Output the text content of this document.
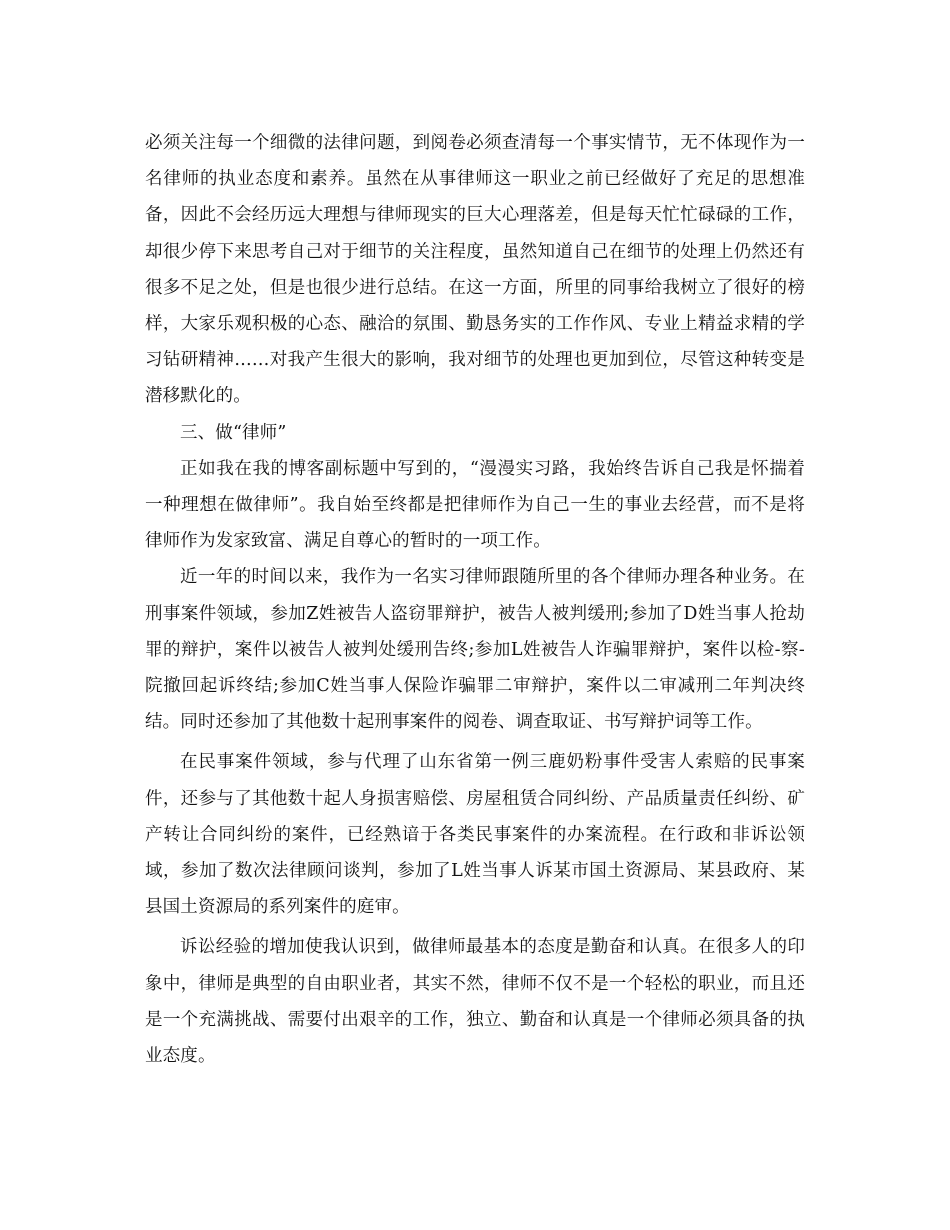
必须关注每一个细微的法律问题，到阅卷必须查清每一个事实情节，无不体现作为一名律师的执业态度和素养。虽然在从事律师这一职业之前已经做好了充足的思想准备，因此不会经历远大理想与律师现实的巨大心理落差，但是每天忙忙碌碌的工作，却很少停下来思考自己对于细节的关注程度，虽然知道自己在细节的处理上仍然还有很多不足之处，但是也很少进行总结。在这一方面，所里的同事给我树立了很好的榜样，大家乐观积极的心态、融洽的氛围、勤恳务实的工作作风、专业上精益求精的学习钻研精神……对我产生很大的影响，我对细节的处理也更加到位，尽管这种转变是潜移默化的。

三、做“律师”

正如我在我的博客副标题中写到的，“漫漫实习路，我始终告诉自己我是怀揣着一种理想在做律师”。我自始至终都是把律师作为自己一生的事业去经营，而不是将律师作为发家致富、满足自尊心的暂时的一项工作。

近一年的时间以来，我作为一名实习律师跟随所里的各个律师办理各种业务。在刑事案件领域，参加Z姓被告人盗窃罪辩护，被告人被判缓刑;参加了D姓当事人抢劫罪的辩护，案件以被告人被判处缓刑告终;参加L姓被告人诈骗罪辩护，案件以检-察-院撤回起诉终结;参加C姓当事人保险诈骗罪二审辩护，案件以二审减刑二年判决终结。同时还参加了其他数十起刑事案件的阅卷、调查取证、书写辩护词等工作。

在民事案件领域，参与代理了山东省第一例三鹿奶粉事件受害人索赔的民事案件，还参与了其他数十起人身损害赔偿、房屋租赁合同纠纷、产品质量责任纠纷、矿产转让合同纠纷的案件，已经熟谙于各类民事案件的办案流程。在行政和非诉讼领域，参加了数次法律顾问谈判，参加了L姓当事人诉某市国土资源局、某县政府、某县国土资源局的系列案件的庭审。

诉讼经验的增加使我认识到，做律师最基本的态度是勤奋和认真。在很多人的印象中，律师是典型的自由职业者，其实不然，律师不仅不是一个轻松的职业，而且还是一个充满挑战、需要付出艰辛的工作，独立、勤奋和认真是一个律师必须具备的执业态度。
